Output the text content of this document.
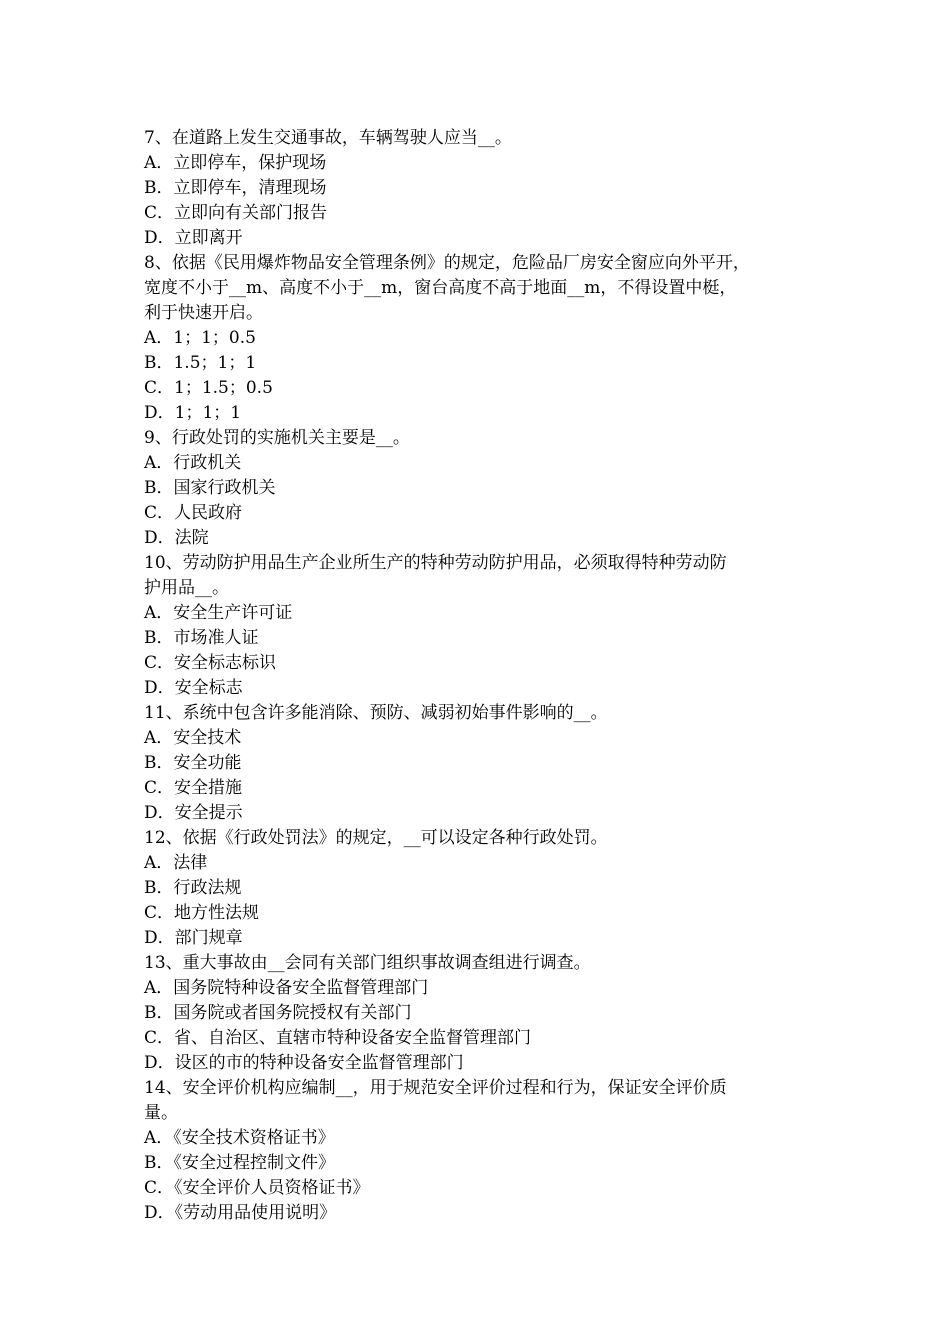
7、在道路上发生交通事故，车辆驾驶人应当__。
A．立即停车，保护现场
B．立即停车，清理现场
C．立即向有关部门报告
D．立即离开
8、依据《民用爆炸物品安全管理条例》的规定，危险品厂房安全窗应向外平开，
宽度不小于__m、高度不小于__m，窗台高度不高于地面__m，不得设置中梃，
利于快速开启。
A．1；1；0.5
B．1.5；1；1
C．1；1.5；0.5
D．1；1；1
9、行政处罚的实施机关主要是__。
A．行政机关
B．国家行政机关
C．人民政府
D．法院
10、劳动防护用品生产企业所生产的特种劳动防护用品，必须取得特种劳动防
护用品__。
A．安全生产许可证
B．市场准人证
C．安全标志标识
D．安全标志
11、系统中包含许多能消除、预防、减弱初始事件影响的__。
A．安全技术
B．安全功能
C．安全措施
D．安全提示
12、依据《行政处罚法》的规定，__可以设定各种行政处罚。
A．法律
B．行政法规
C．地方性法规
D．部门规章
13、重大事故由__会同有关部门组织事故调查组进行调查。
A．国务院特种设备安全监督管理部门
B．国务院或者国务院授权有关部门
C．省、自治区、直辖市特种设备安全监督管理部门
D．设区的市的特种设备安全监督管理部门
14、安全评价机构应编制__，用于规范安全评价过程和行为，保证安全评价质
量。
A．《安全技术资格证书》
B．《安全过程控制文件》
C．《安全评价人员资格证书》
D．《劳动用品使用说明》
